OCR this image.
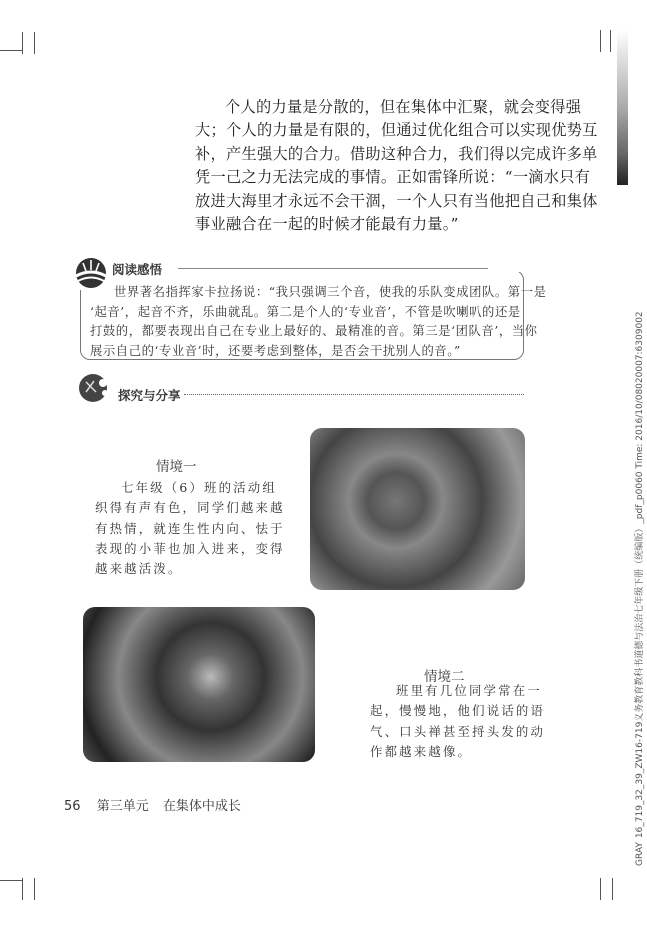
个人的力量是分散的，但在集体中汇聚，就会变得强
大；个人的力量是有限的，但通过优化组合可以实现优势互
补，产生强大的合力。借助这种合力，我们得以完成许多单
凭一己之力无法完成的事情。正如雷锋所说：“一滴水只有
放进大海里才永远不会干涸，一个人只有当他把自己和集体
事业融合在一起的时候才能最有力量。”
阅读感悟
世界著名指挥家卡拉扬说：“我只强调三个音，使我的乐队变成团队。第一是
‘起音’，起音不齐，乐曲就乱。第二是个人的‘专业音’，不管是吹喇叭的还是
打鼓的，都要表现出自己在专业上最好的、最精准的音。第三是‘团队音’，当你
展示自己的‘专业音’时，还要考虑到整体，是否会干扰别人的音。”
探究与分享
情境一
七年级（6）班的活动组
织得有声有色，同学们越来越
有热情，就连生性内向、怯于
表现的小菲也加入进来，变得
越来越活泼。
情境二
班里有几位同学常在一
起，慢慢地，他们说话的语
气、口头禅甚至捋头发的动
作都越来越像。
56 第三单元 在集体中成长
GRAY16_719_32_39_ZW16-719义务教育教科书道德与法治七年级下册（统编版）_pdf_p0060 Time: 2016/10/08020007:6309002
